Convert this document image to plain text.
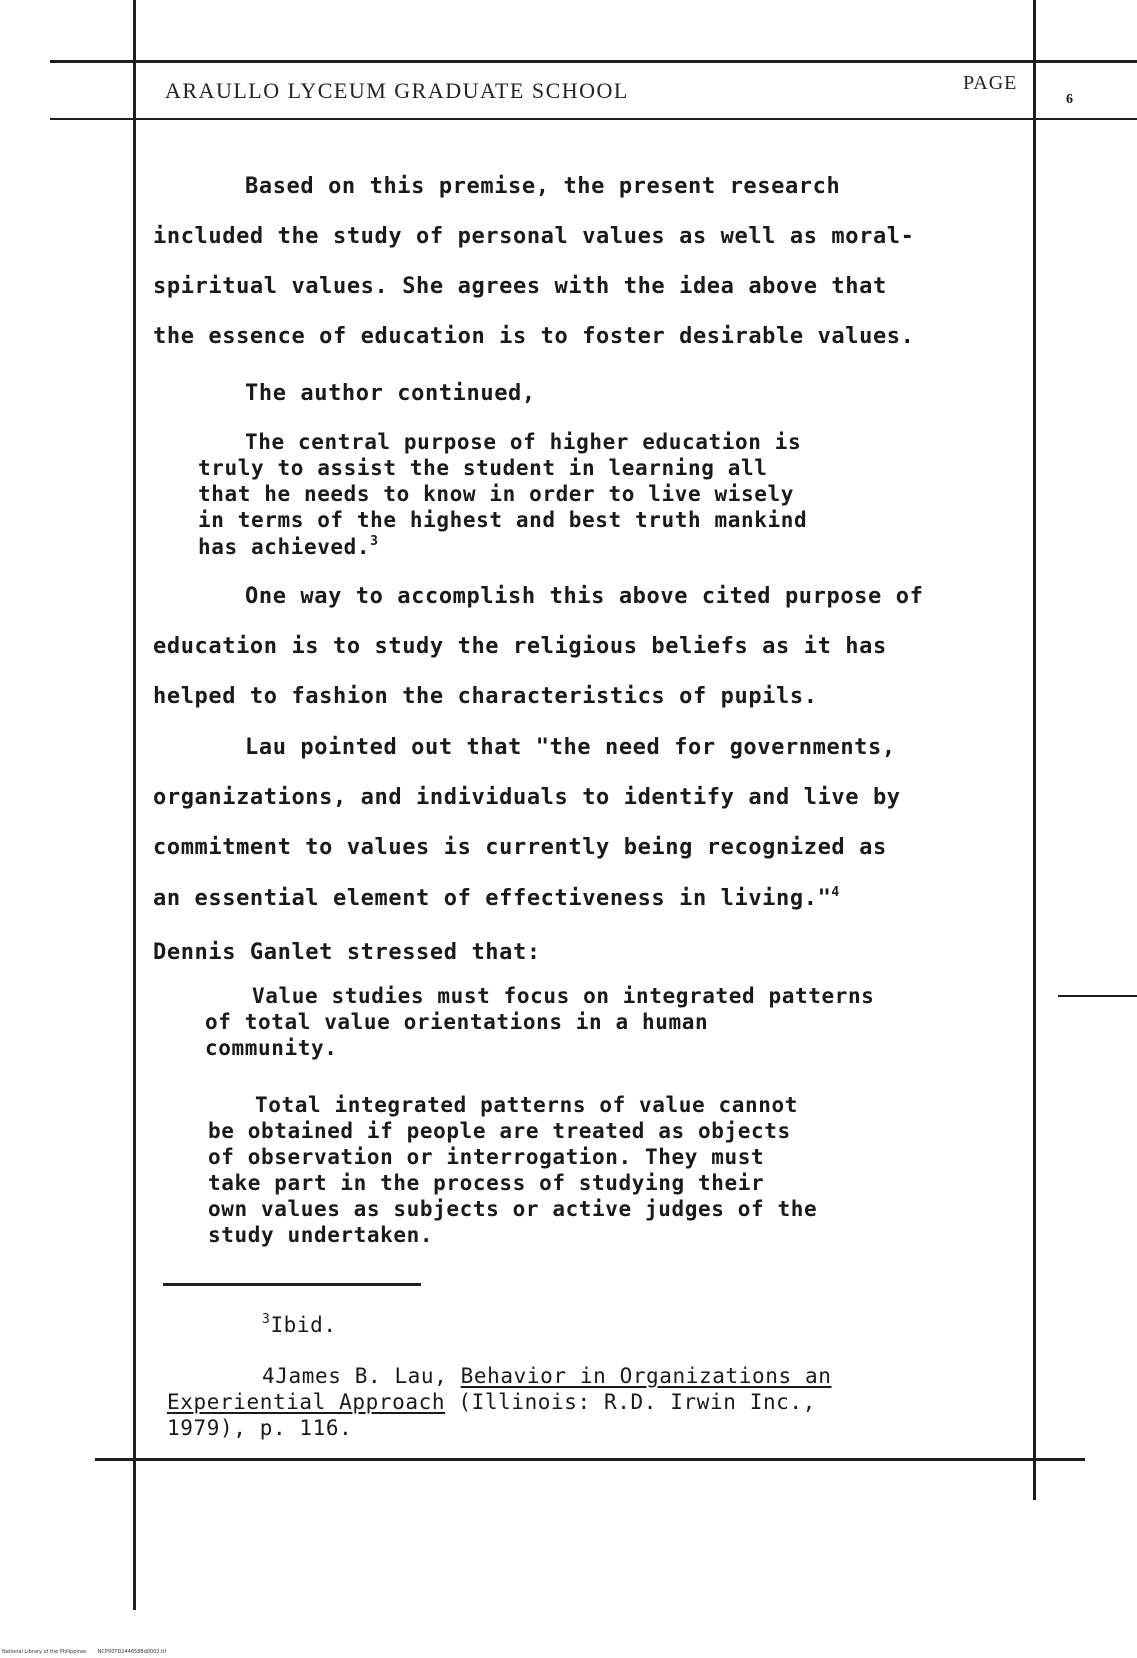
ARAULLO LYCEUM GRADUATE SCHOOL	PAGE
6

Based on this premise, the present research

included the study of personal values as well as moral-

spiritual values. She agrees with the idea above that

the essence of education is to foster desirable values.

The author continued,

The central purpose of higher education is

truly to assist the student in learning all

that he needs to know in order to live wisely

in terms of the highest and best truth mankind

has achieved.$^3$

One way to accomplish this above cited purpose of

education is to study the religious beliefs as it has

helped to fashion the characteristics of pupils.

Lau pointed out that "the need for governments,

organizations, and individuals to identify and live by

commitment to values is currently being recognized as

an essential element of effectiveness in living."$^4$

Dennis Ganlet stressed that:

Value studies must focus on integrated patterns

of total value orientations in a human

community.

Total integrated patterns of value cannot

be obtained if people are treated as objects

of observation or interrogation. They must

take part in the process of studying their

own values as subjects or active judges of the

study undertaken.

$^3$Ibid.

4James B. Lau, Behavior in Organizations an

Experiential Approach (Illinois: R.D. Irwin Inc.,

1979), p. 116.

National Library of the Philippines NCP00TD2446588d0002.tif
